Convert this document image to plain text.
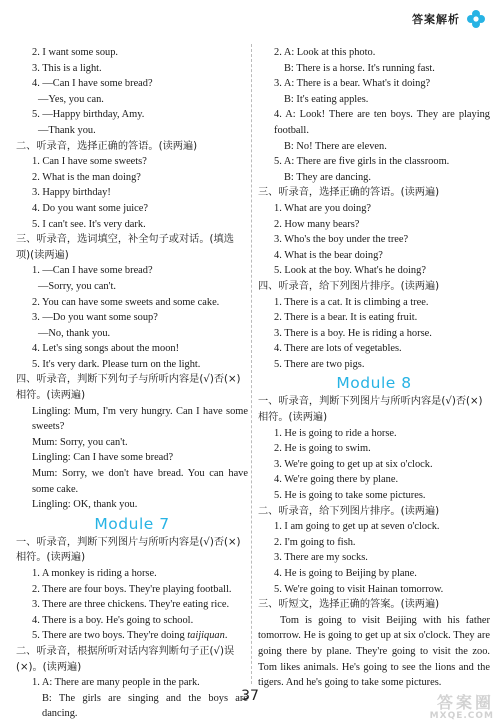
答案解析
2. I want some soup.
3. This is a light.
4. —Can I have some bread?
—Yes, you can.
5. —Happy birthday, Amy.
—Thank you.
二、听录音，选择正确的答语。(读两遍)
1. Can I have some sweets?
2. What is the man doing?
3. Happy birthday!
4. Do you want some juice?
5. I can't see. It's very dark.
三、听录音，选词填空，补全句子或对话。(填选项)(读两遍)
1. —Can I have some bread?
—Sorry, you can't.
2. You can have some sweets and some cake.
3. —Do you want some soup?
—No, thank you.
4. Let's sing songs about the moon!
5. It's very dark. Please turn on the light.
四、听录音，判断下列句子与所听内容是(√)否(×)相符。(读两遍)
Lingling: Mum, I'm very hungry. Can I have some sweets?
Mum: Sorry, you can't.
Lingling: Can I have some bread?
Mum: Sorry, we don't have bread. You can have some cake.
Lingling: OK, thank you.
Module 7
一、听录音，判断下列图片与所听内容是(√)否(×)相符。(读两遍)
1. A monkey is riding a horse.
2. There are four boys. They're playing football.
3. There are three chickens. They're eating rice.
4. There is a boy. He's going to school.
5. There are two boys. They're doing taijiquan.
二、听录音，根据所听对话内容判断句子正(√)误(×)。(读两遍)
1. A: There are many people in the park.
B: The girls are singing and the boys are dancing.
2. A: Look at this photo.
B: There is a horse. It's running fast.
3. A: There is a bear. What's it doing?
B: It's eating apples.
4. A: Look! There are ten boys. They are playing football.
B: No! There are eleven.
5. A: There are five girls in the classroom.
B: They are dancing.
三、听录音，选择正确的答语。(读两遍)
1. What are you doing?
2. How many bears?
3. Who's the boy under the tree?
4. What is the bear doing?
5. Look at the boy. What's he doing?
四、听录音，给下列图片排序。(读两遍)
1. There is a cat. It is climbing a tree.
2. There is a bear. It is eating fruit.
3. There is a boy. He is riding a horse.
4. There are lots of vegetables.
5. There are two pigs.
Module 8
一、听录音，判断下列图片与所听内容是(√)否(×)相符。(读两遍)
1. He is going to ride a horse.
2. He is going to swim.
3. We're going to get up at six o'clock.
4. We're going there by plane.
5. He is going to take some pictures.
二、听录音，给下列图片排序。(读两遍)
1. I am going to get up at seven o'clock.
2. I'm going to fish.
3. There are my socks.
4. He is going to Beijing by plane.
5. We're going to visit Hainan tomorrow.
三、听短文，选择正确的答案。(读两遍)
Tom is going to visit Beijing with his father tomorrow. He is going to get up at six o'clock. They are going there by plane. They're going to visit the zoo. Tom likes animals. He's going to see the lions and the tigers. And he's going to take some pictures.
37	答案圈
MXQE.COM
